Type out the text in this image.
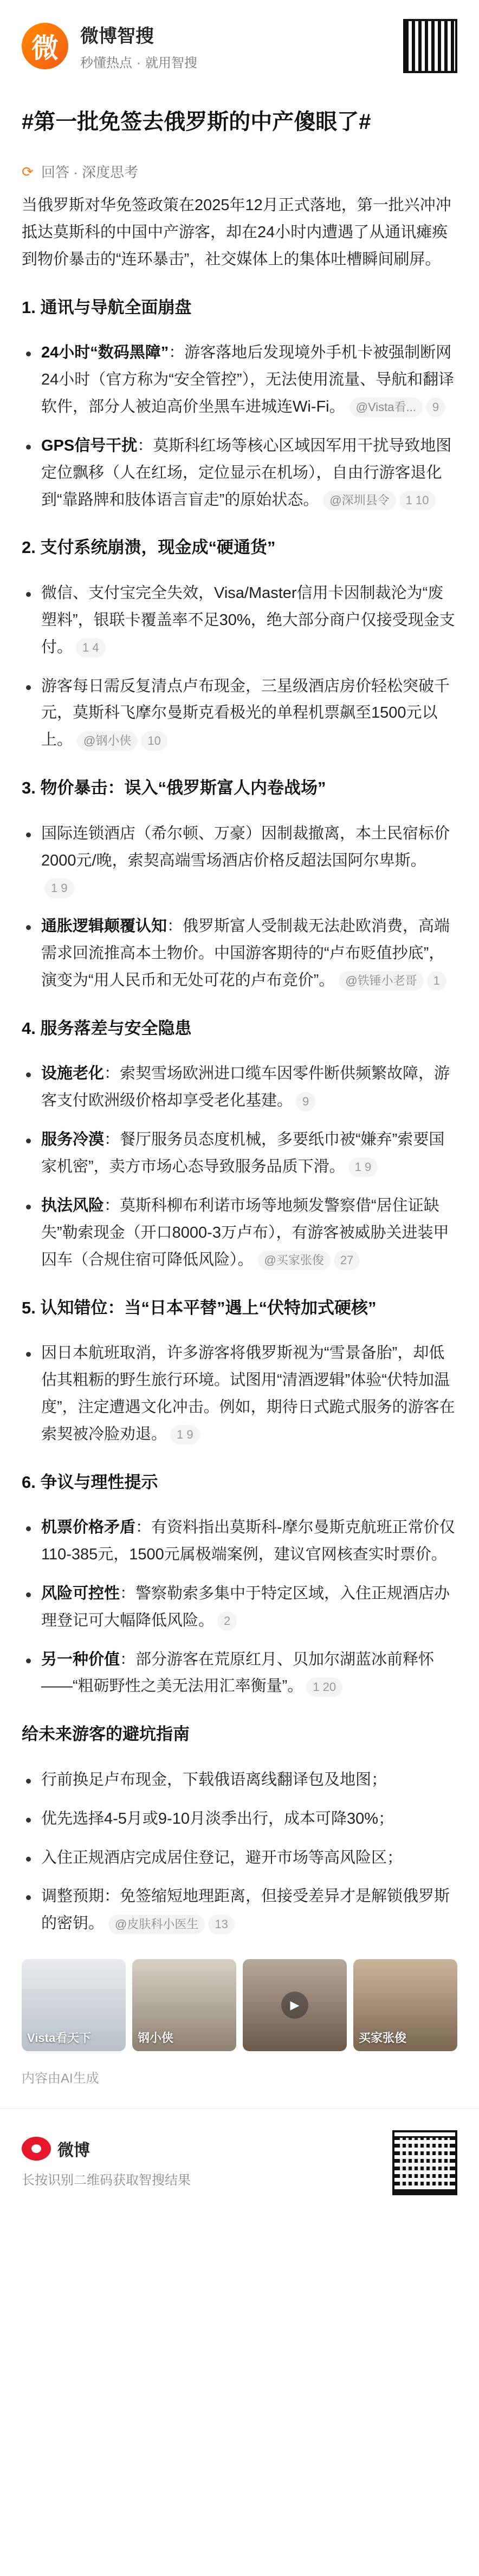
微	微博智搜
秒懂热点 · 就用智搜
#第一批免签去俄罗斯的中产傻眼了#
⟳ 回答 · 深度思考
当俄罗斯对华免签政策在2025年12月正式落地，第一批兴冲冲抵达莫斯科的中国中产游客，却在24小时内遭遇了从通讯瘫痪到物价暴击的“连环暴击”，社交媒体上的集体吐槽瞬间刷屏。
1. 通讯与导航全面崩盘
24小时“数码黑障”：游客落地后发现境外手机卡被强制断网24小时（官方称为“安全管控”），无法使用流量、导航和翻译软件，部分人被迫高价坐黑车进城连Wi-Fi。 @Vista看... 9
GPS信号干扰：莫斯科红场等核心区域因军用干扰导致地图定位飘移（人在红场，定位显示在机场），自由行游客退化到“靠路牌和肢体语言盲走”的原始状态。 @深圳县令 1 10
2. 支付系统崩溃，现金成“硬通货”
微信、支付宝完全失效，Visa/Master信用卡因制裁沦为“废塑料”，银联卡覆盖率不足30%，绝大部分商户仅接受现金支付。 1 4
游客每日需反复清点卢布现金，三星级酒店房价轻松突破千元，莫斯科飞摩尔曼斯克看极光的单程机票飙至1500元以上。 @钢小侠 10
3. 物价暴击：误入“俄罗斯富人内卷战场”
国际连锁酒店（希尔顿、万豪）因制裁撤离，本土民宿标价2000元/晚，索契高端雪场酒店价格反超法国阿尔卑斯。1 9
通胀逻辑颠覆认知：俄罗斯富人受制裁无法赴欧消费，高端需求回流推高本土物价。中国游客期待的“卢布贬值抄底”，演变为“用人民币和无处可花的卢布竞价”。 @铁锤小老哥 1
4. 服务落差与安全隐患
设施老化：索契雪场欧洲进口缆车因零件断供频繁故障，游客支付欧洲级价格却享受老化基建。 9
服务冷漠：餐厅服务员态度机械，多要纸巾被“嫌弃”索要国家机密”，卖方市场心态导致服务品质下滑。 1 9
执法风险：莫斯科柳布利诺市场等地频发警察借“居住证缺失”勒索现金（开口8000-3万卢布），有游客被威胁关进装甲囚车（合规住宿可降低风险）。 @买家张俊 27
5. 认知错位：当“日本平替”遇上“伏特加式硬核”
因日本航班取消，许多游客将俄罗斯视为“雪景备胎”，却低估其粗粝的野生旅行环境。试图用“清酒逻辑”体验“伏特加温度”，注定遭遇文化冲击。例如，期待日式跪式服务的游客在索契被冷脸劝退。 1 9
6. 争议与理性提示
机票价格矛盾：有资料指出莫斯科-摩尔曼斯克航班正常价仅110-385元，1500元属极端案例，建议官网核查实时票价。
风险可控性：警察勒索多集中于特定区域，入住正规酒店办理登记可大幅降低风险。 2
另一种价值：部分游客在荒原红月、贝加尔湖蓝冰前释怀——“粗砺野性之美无法用汇率衡量”。 1 20
给未来游客的避坑指南
行前换足卢布现金，下载俄语离线翻译包及地图；
优先选择4-5月或9-10月淡季出行，成本可降30%；
入住正规酒店完成居住登记，避开市场等高风险区；
调整预期：免签缩短地理距离，但接受差异才是解锁俄罗斯的密钥。 @皮肤科小医生 13
Vista看天下	钢小侠
▶
买家张俊
内容由AI生成
微博
长按识别二维码获取智搜结果
